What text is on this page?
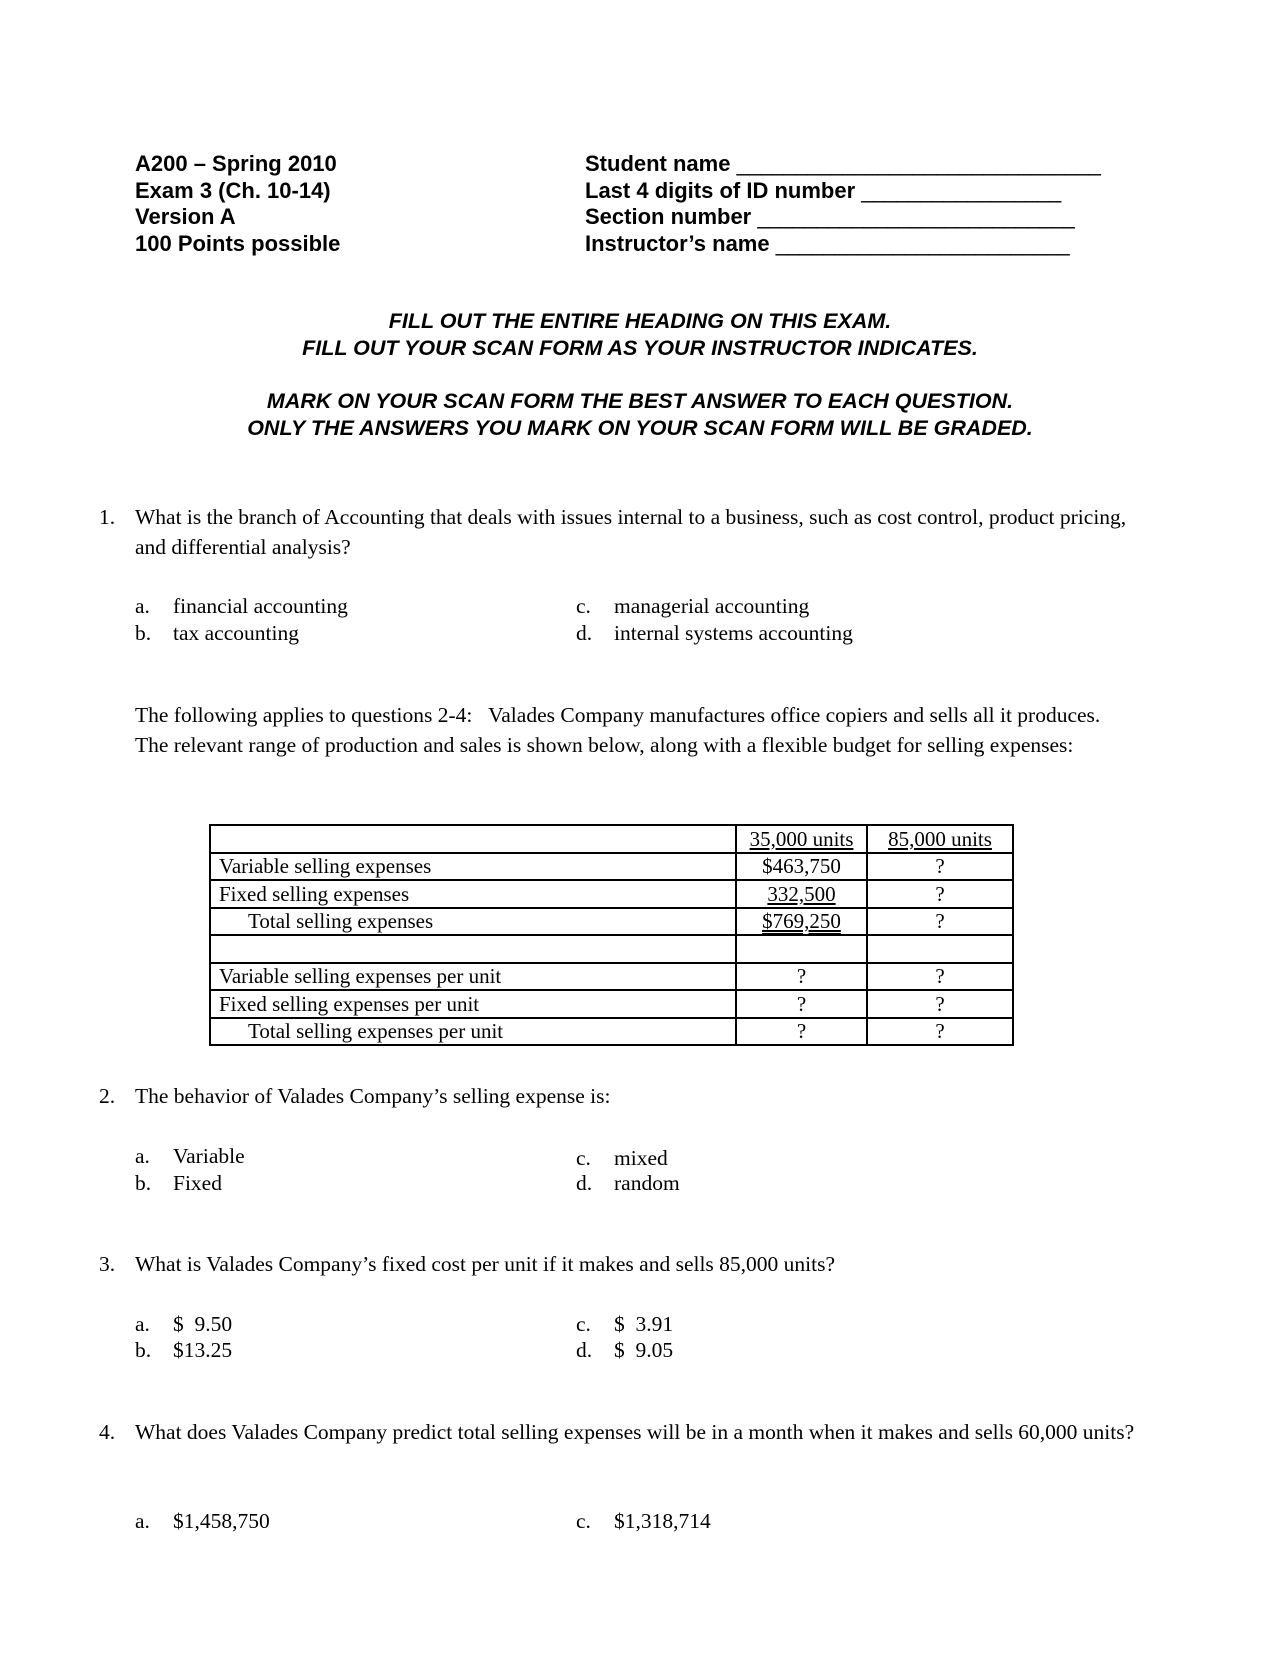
A200 – Spring 2010
Exam 3 (Ch. 10-14)
Version A
100 Points possible
Student name _______________________________
Last 4 digits of ID number _________________
Section number ___________________________
Instructor’s name _________________________
FILL OUT THE ENTIRE HEADING ON THIS EXAM.
FILL OUT YOUR SCAN FORM AS YOUR INSTRUCTOR INDICATES.
MARK ON YOUR SCAN FORM THE BEST ANSWER TO EACH QUESTION.
ONLY THE ANSWERS YOU MARK ON YOUR SCAN FORM WILL BE GRADED.
1. What is the branch of Accounting that deals with issues internal to a business, such as cost control, product pricing, and differential analysis?
a. financial accounting
b. tax accounting
c. managerial accounting
d. internal systems accounting
The following applies to questions 2-4:   Valades Company manufactures office copiers and sells all it produces.   The relevant range of production and sales is shown below, along with a flexible budget for selling expenses:
	35,000 units	85,000 units
Variable selling expenses	$463,750	?
Fixed selling expenses	332,500	?
Total selling expenses	$769,250	?

Variable selling expenses per unit	?	?
Fixed selling expenses per unit	?	?
Total selling expenses per unit	?	?
2. The behavior of Valades Company’s selling expense is:
a. Variable
b. Fixed
c. mixed
d. random
3. What is Valades Company’s fixed cost per unit if it makes and sells 85,000 units?
a. $  9.50
b. $13.25
c. $  3.91
d. $  9.05
4. What does Valades Company predict total selling expenses will be in a month when it makes and sells 60,000 units?
a. $1,458,750	c. $1,318,714
